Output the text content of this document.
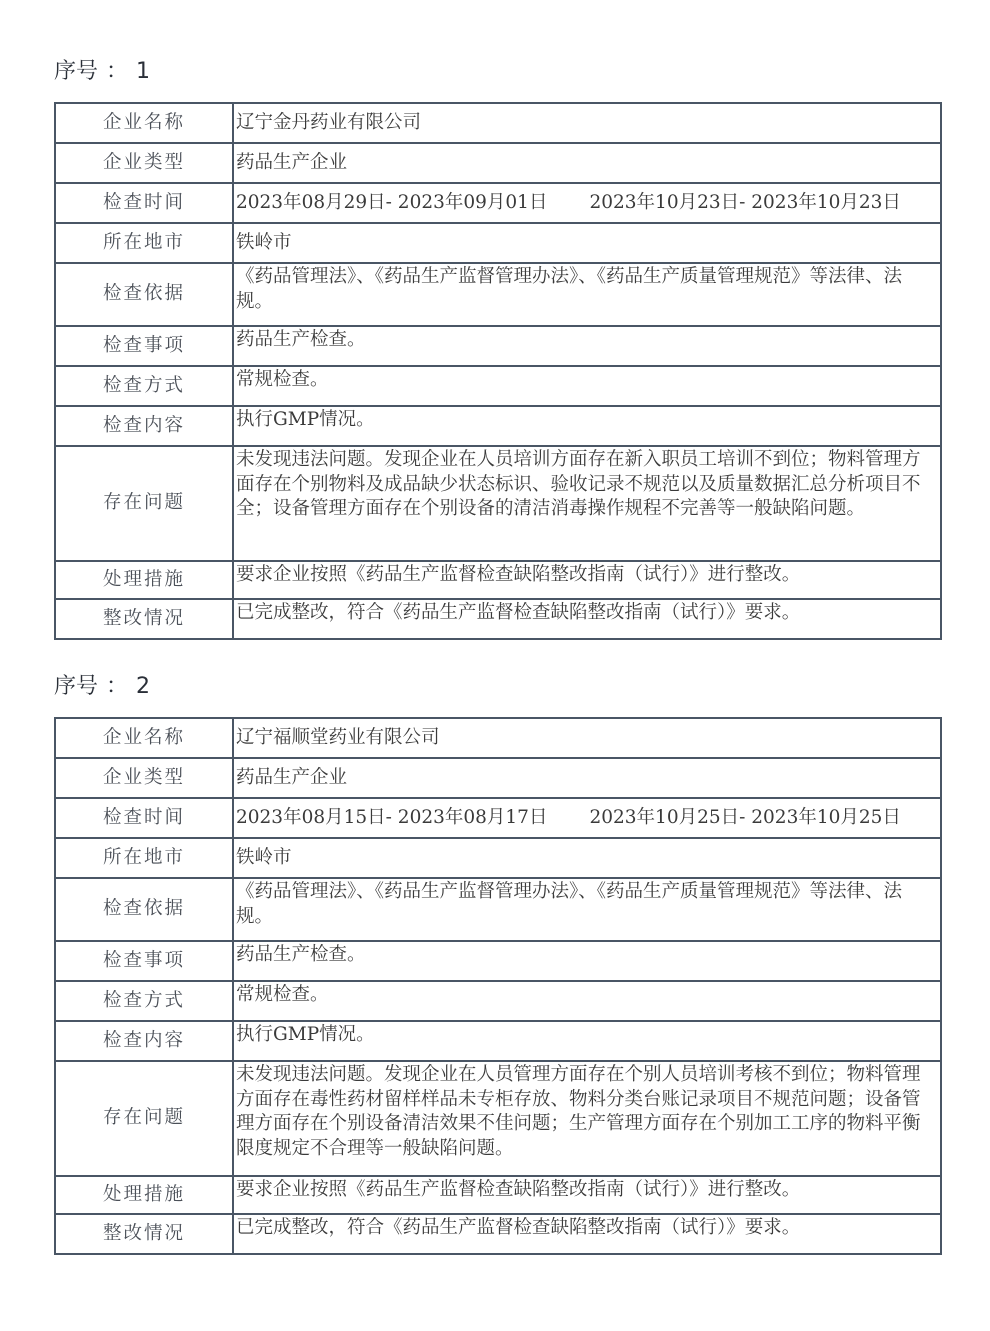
序号 ： 1
企业名称	辽宁金丹药业有限公司
企业类型	药品生产企业
检查时间	2023年08月29日- 2023年09月01日 2023年10月23日- 2023年10月23日
所在地市	铁岭市
检查依据	《药品管理法》、《药品生产监督管理办法》、《药品生产质量管理规范》等法律、法规。
检查事项	药品生产检查。
检查方式	常规检查。
检查内容	执行GMP情况。
存在问题	未发现违法问题。发现企业在人员培训方面存在新入职员工培训不到位；物料管理方面存在个别物料及成品缺少状态标识、验收记录不规范以及质量数据汇总分析项目不全；设备管理方面存在个别设备的清洁消毒操作规程不完善等一般缺陷问题。
处理措施	要求企业按照《药品生产监督检查缺陷整改指南（试行）》进行整改。
整改情况	已完成整改，符合《药品生产监督检查缺陷整改指南（试行）》要求。
序号 ： 2
企业名称	辽宁福顺堂药业有限公司
企业类型	药品生产企业
检查时间	2023年08月15日- 2023年08月17日 2023年10月25日- 2023年10月25日
所在地市	铁岭市
检查依据	《药品管理法》、《药品生产监督管理办法》、《药品生产质量管理规范》等法律、法规。
检查事项	药品生产检查。
检查方式	常规检查。
检查内容	执行GMP情况。
存在问题	未发现违法问题。发现企业在人员管理方面存在个别人员培训考核不到位；物料管理方面存在毒性药材留样样品未专柜存放、物料分类台账记录项目不规范问题；设备管理方面存在个别设备清洁效果不佳问题；生产管理方面存在个别加工工序的物料平衡限度规定不合理等一般缺陷问题。
处理措施	要求企业按照《药品生产监督检查缺陷整改指南（试行）》进行整改。
整改情况	已完成整改，符合《药品生产监督检查缺陷整改指南（试行）》要求。
